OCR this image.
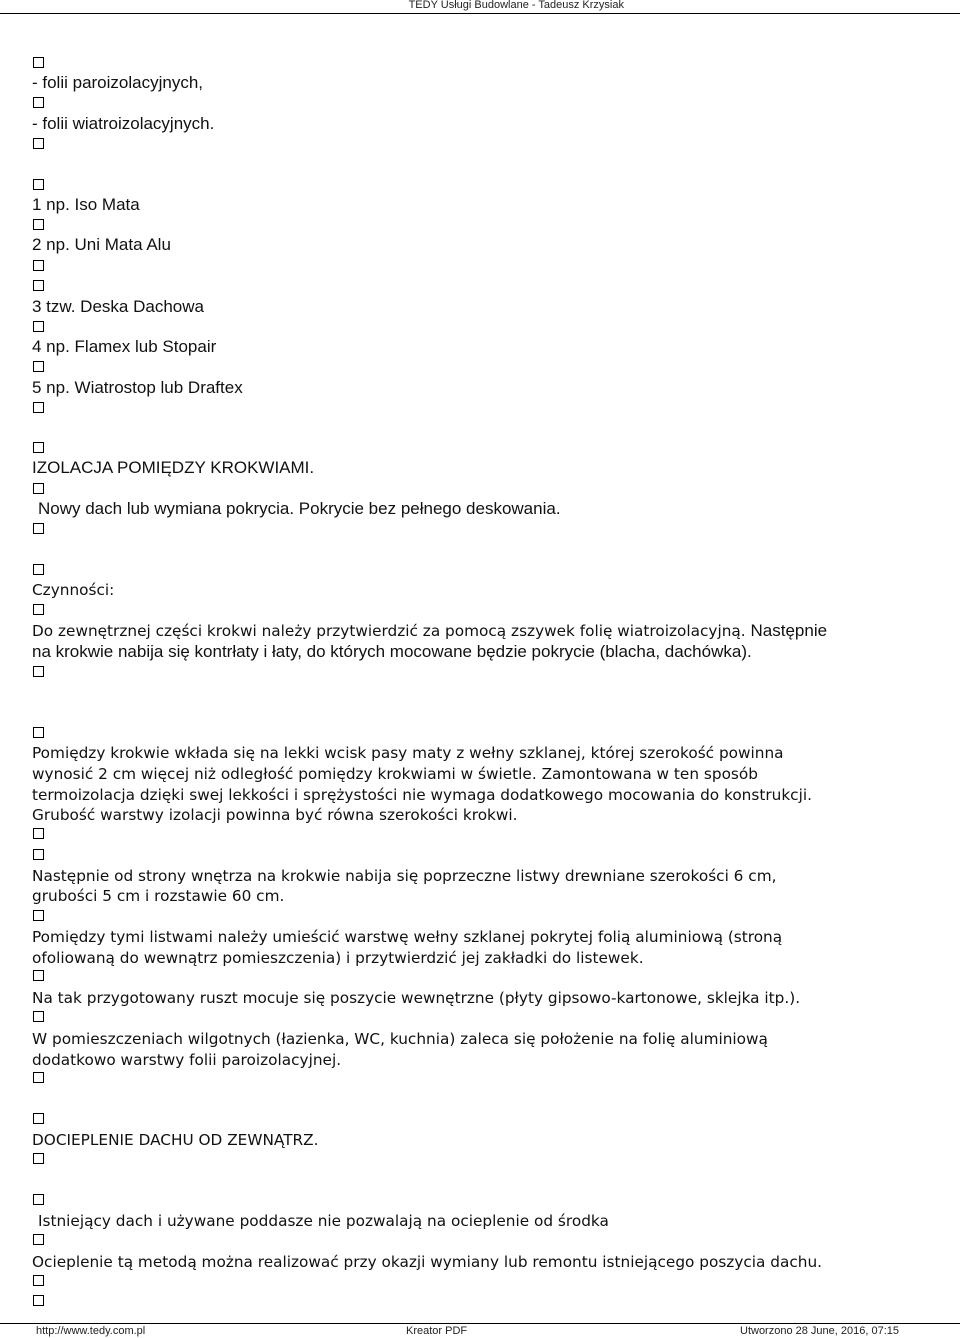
TEDY Usługi Budowlane - Tadeusz Krzysiak
- folii paroizolacyjnych,
- folii wiatroizolacyjnych.
1 np. Iso Mata
2 np. Uni Mata Alu
3 tzw. Deska Dachowa
4 np. Flamex lub Stopair
5 np. Wiatrostop lub Draftex
IZOLACJA POMIĘDZY KROKWIAMI.
Nowy dach lub wymiana pokrycia. Pokrycie bez pełnego deskowania.
Czynności:
Do zewnętrznej części krokwi należy przytwierdzić za pomocą zszywek folię wiatroizolacyjną. Następnie
na krokwie nabija się kontrłaty i łaty, do których mocowane będzie pokrycie (blacha, dachówka).
Pomiędzy krokwie wkłada się na lekki wcisk pasy maty z wełny szklanej, której szerokość powinna
wynosić 2 cm więcej niż odległość pomiędzy krokwiami w świetle. Zamontowana w ten sposób
termoizolacja dzięki swej lekkości i sprężystości nie wymaga dodatkowego mocowania do konstrukcji.
Grubość warstwy izolacji powinna być równa szerokości krokwi.
Następnie od strony wnętrza na krokwie nabija się poprzeczne listwy drewniane szerokości 6 cm,
grubości 5 cm i rozstawie 60 cm.
Pomiędzy tymi listwami należy umieścić warstwę wełny szklanej pokrytej folią aluminiową (stroną
ofoliowaną do wewnątrz pomieszczenia) i przytwierdzić jej zakładki do listewek.
Na tak przygotowany ruszt mocuje się poszycie wewnętrzne (płyty gipsowo-kartonowe, sklejka itp.).
W pomieszczeniach wilgotnych (łazienka, WC, kuchnia) zaleca się położenie na folię aluminiową
dodatkowo warstwy folii paroizolacyjnej.
DOCIEPLENIE DACHU OD ZEWNĄTRZ.
Istniejący dach i używane poddasze nie pozwalają na ocieplenie od środka
Ocieplenie tą metodą można realizować przy okazji wymiany lub remontu istniejącego poszycia dachu.
http://www.tedy.com.pl	Kreator PDF	Utworzono 28 June, 2016, 07:15
